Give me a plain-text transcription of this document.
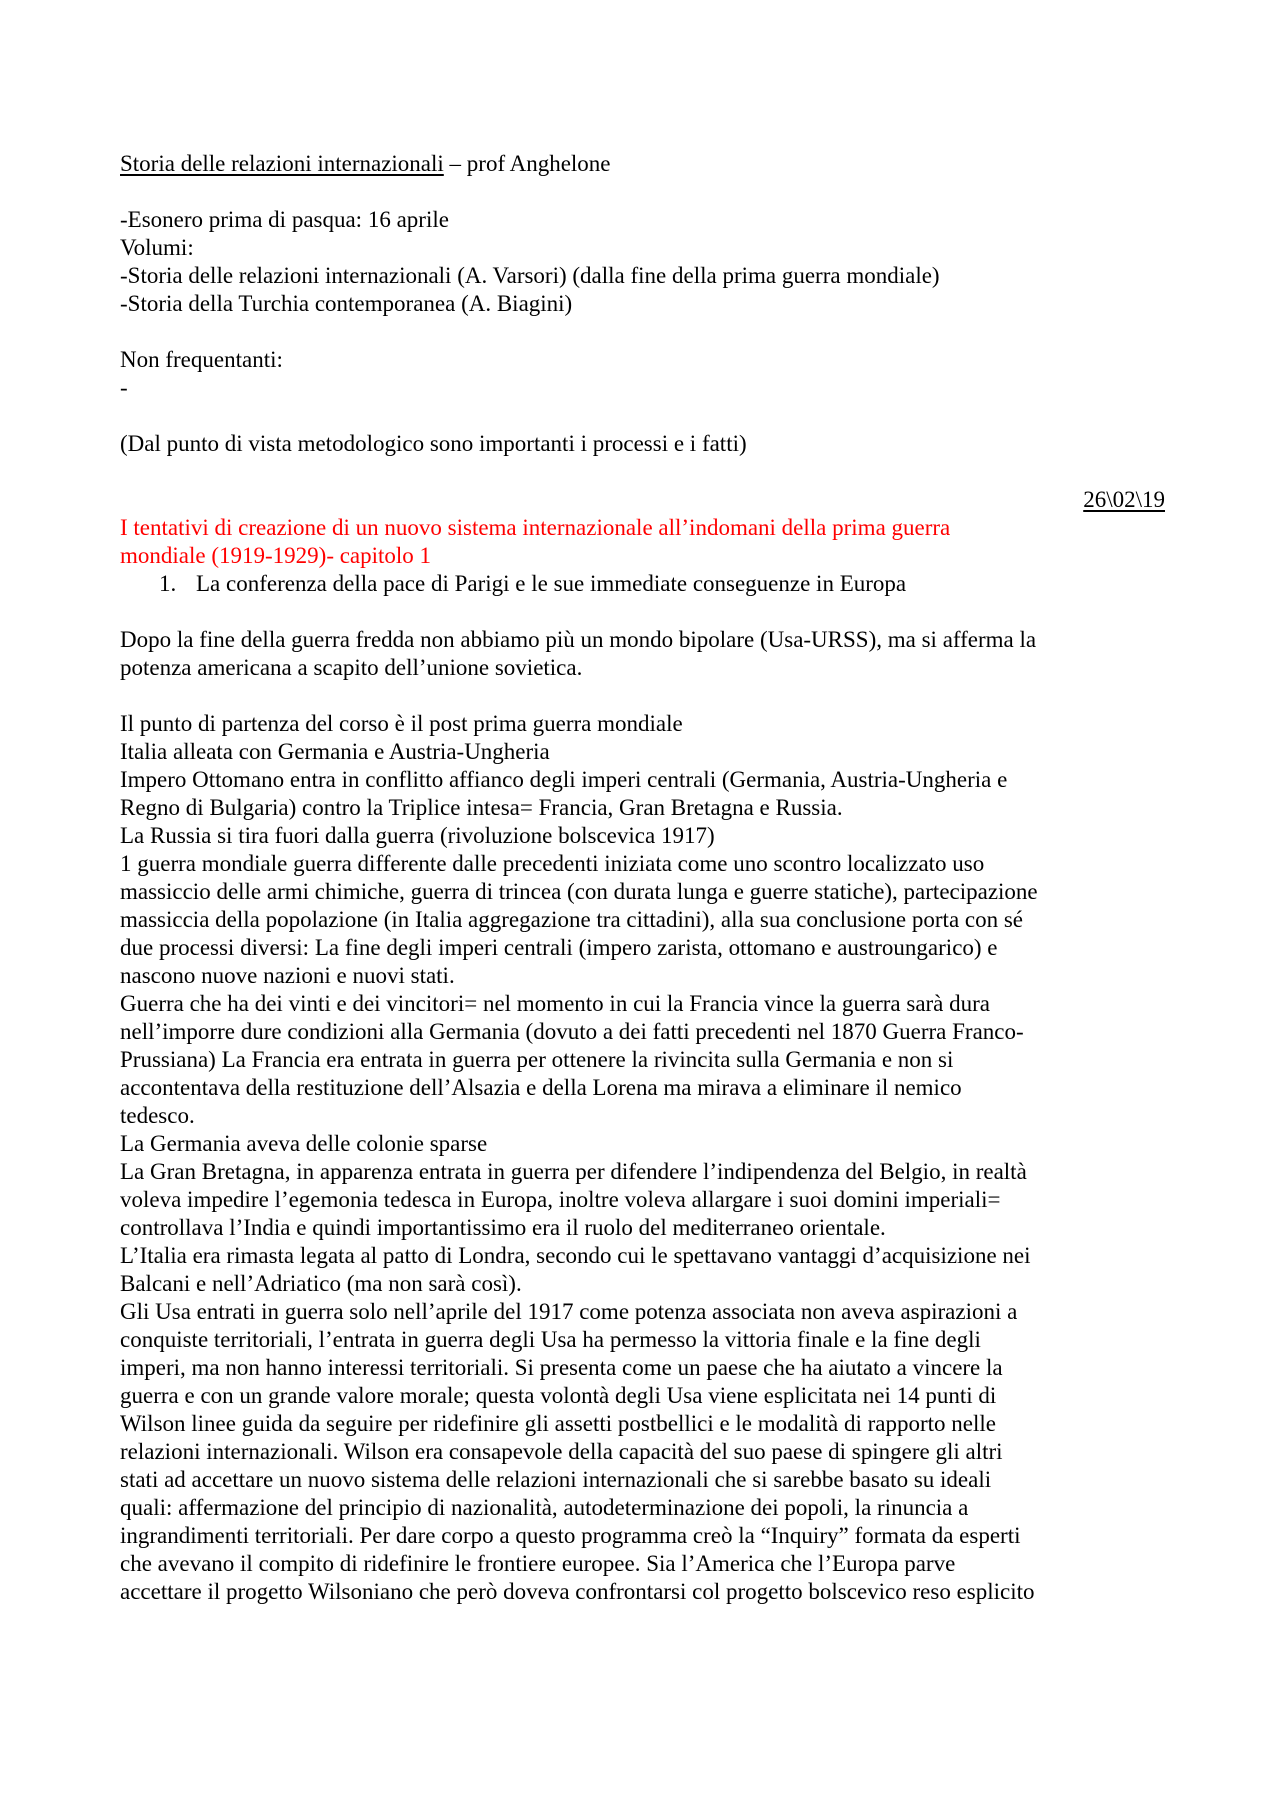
Storia delle relazioni internazionali – prof Anghelone
-Esonero prima di pasqua: 16 aprile
Volumi:
-Storia delle relazioni internazionali (A. Varsori) (dalla fine della prima guerra mondiale)
-Storia della Turchia contemporanea (A. Biagini)
Non frequentanti:
-
(Dal punto di vista metodologico sono importanti i processi e i fatti)
26\02\19
I tentativi di creazione di un nuovo sistema internazionale all’indomani della prima guerra
mondiale (1919-1929)- capitolo 1
1. La conferenza della pace di Parigi e le sue immediate conseguenze in Europa
Dopo la fine della guerra fredda non abbiamo più un mondo bipolare (Usa-URSS), ma si afferma la
potenza americana a scapito dell’unione sovietica.
Il punto di partenza del corso è il post prima guerra mondiale
Italia alleata con Germania e Austria-Ungheria
Impero Ottomano entra in conflitto affianco degli imperi centrali (Germania, Austria-Ungheria e
Regno di Bulgaria) contro la Triplice intesa= Francia, Gran Bretagna e Russia.
La Russia si tira fuori dalla guerra (rivoluzione bolscevica 1917)
1 guerra mondiale guerra differente dalle precedenti iniziata come uno scontro localizzato uso
massiccio delle armi chimiche, guerra di trincea (con durata lunga e guerre statiche), partecipazione
massiccia della popolazione (in Italia aggregazione tra cittadini), alla sua conclusione porta con sé
due processi diversi: La fine degli imperi centrali (impero zarista, ottomano e austroungarico) e
nascono nuove nazioni e nuovi stati.
Guerra che ha dei vinti e dei vincitori= nel momento in cui la Francia vince la guerra sarà dura
nell’imporre dure condizioni alla Germania (dovuto a dei fatti precedenti nel 1870 Guerra Franco-
Prussiana) La Francia era entrata in guerra per ottenere la rivincita sulla Germania e non si
accontentava della restituzione dell’Alsazia e della Lorena ma mirava a eliminare il nemico
tedesco.
La Germania aveva delle colonie sparse
La Gran Bretagna, in apparenza entrata in guerra per difendere l’indipendenza del Belgio, in realtà
voleva impedire l’egemonia tedesca in Europa, inoltre voleva allargare i suoi domini imperiali=
controllava l’India e quindi importantissimo era il ruolo del mediterraneo orientale.
L’Italia era rimasta legata al patto di Londra, secondo cui le spettavano vantaggi d’acquisizione nei
Balcani e nell’Adriatico (ma non sarà così).
Gli Usa entrati in guerra solo nell’aprile del 1917 come potenza associata non aveva aspirazioni a
conquiste territoriali, l’entrata in guerra degli Usa ha permesso la vittoria finale e la fine degli
imperi, ma non hanno interessi territoriali. Si presenta come un paese che ha aiutato a vincere la
guerra e con un grande valore morale; questa volontà degli Usa viene esplicitata nei 14 punti di
Wilson linee guida da seguire per ridefinire gli assetti postbellici e le modalità di rapporto nelle
relazioni internazionali. Wilson era consapevole della capacità del suo paese di spingere gli altri
stati ad accettare un nuovo sistema delle relazioni internazionali che si sarebbe basato su ideali
quali: affermazione del principio di nazionalità, autodeterminazione dei popoli, la rinuncia a
ingrandimenti territoriali. Per dare corpo a questo programma creò la “Inquiry” formata da esperti
che avevano il compito di ridefinire le frontiere europee. Sia l’America che l’Europa parve
accettare il progetto Wilsoniano che però doveva confrontarsi col progetto bolscevico reso esplicito
